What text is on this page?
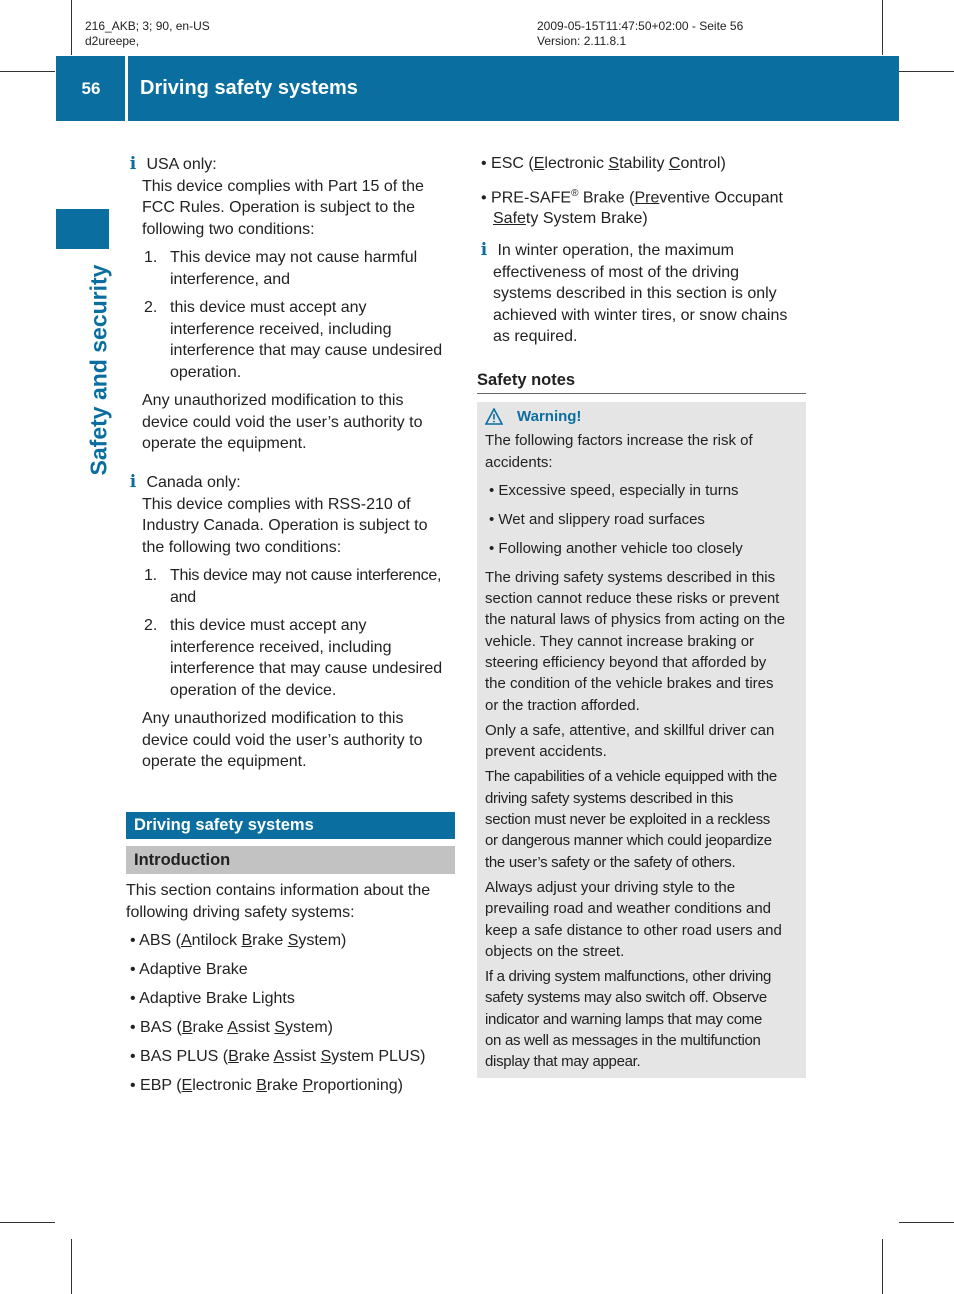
216_AKB; 3; 90, en-US
d2ureepe,
2009-05-15T11:47:50+02:00 - Seite 56
Version: 2.11.8.1
56	Driving safety systems
Safety and security
i USA only:
This device complies with Part 15 of the
FCC Rules. Operation is subject to the
following two conditions:
1. This device may not cause harmful
interference, and
2. this device must accept any
interference received, including
interference that may cause undesired
operation.
Any unauthorized modification to this
device could void the user’s authority to
operate the equipment.
i Canada only:
This device complies with RSS-210 of
Industry Canada. Operation is subject to
the following two conditions:
1. This device may not cause interference,
and
2. this device must accept any
interference received, including
interference that may cause undesired
operation of the device.
Any unauthorized modification to this
device could void the user’s authority to
operate the equipment.
Driving safety systems
Introduction
This section contains information about the
following driving safety systems:
• ABS (Antilock Brake System)
• Adaptive Brake
• Adaptive Brake Lights
• BAS (Brake Assist System)
• BAS PLUS (Brake Assist System PLUS)
• EBP (Electronic Brake Proportioning)
• ESC (Electronic Stability Control)
• PRE-SAFE® Brake (Preventive Occupant
Safety System Brake)
i In winter operation, the maximum
effectiveness of most of the driving
systems described in this section is only
achieved with winter tires, or snow chains
as required.
Safety notes
Warning!
The following factors increase the risk of
accidents:
• Excessive speed, especially in turns
• Wet and slippery road surfaces
• Following another vehicle too closely
The driving safety systems described in this
section cannot reduce these risks or prevent
the natural laws of physics from acting on the
vehicle. They cannot increase braking or
steering efficiency beyond that afforded by
the condition of the vehicle brakes and tires
or the traction afforded.
Only a safe, attentive, and skillful driver can
prevent accidents.
The capabilities of a vehicle equipped with the
driving safety systems described in this
section must never be exploited in a reckless
or dangerous manner which could jeopardize
the user’s safety or the safety of others.
Always adjust your driving style to the
prevailing road and weather conditions and
keep a safe distance to other road users and
objects on the street.
If a driving system malfunctions, other driving
safety systems may also switch off. Observe
indicator and warning lamps that may come
on as well as messages in the multifunction
display that may appear.
